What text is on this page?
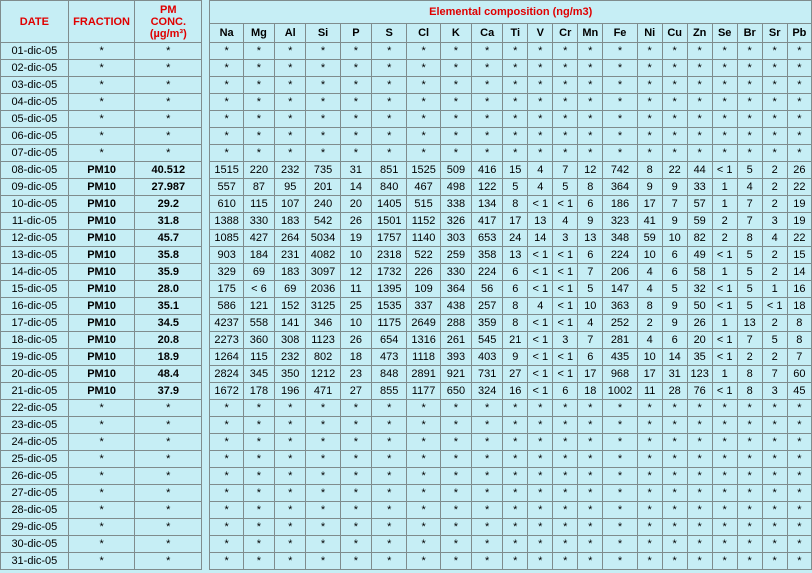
DATE	FRACTION	PM
CONC.
(µg/m³)		Elemental composition (ng/m3)																				
				Na	Mg	Al	Si	P	S	Cl	K	Ca	Ti	V	Cr	Mn	Fe	Ni	Cu	Zn	Se	Br	Sr	Pb
01-dic-05	*	*		*	*	*	*	*	*	*	*	*	*	*	*	*	*	*	*	*	*	*	*	*
02-dic-05	*	*		*	*	*	*	*	*	*	*	*	*	*	*	*	*	*	*	*	*	*	*	*
03-dic-05	*	*		*	*	*	*	*	*	*	*	*	*	*	*	*	*	*	*	*	*	*	*	*
04-dic-05	*	*		*	*	*	*	*	*	*	*	*	*	*	*	*	*	*	*	*	*	*	*	*
05-dic-05	*	*		*	*	*	*	*	*	*	*	*	*	*	*	*	*	*	*	*	*	*	*	*
06-dic-05	*	*		*	*	*	*	*	*	*	*	*	*	*	*	*	*	*	*	*	*	*	*	*
07-dic-05	*	*		*	*	*	*	*	*	*	*	*	*	*	*	*	*	*	*	*	*	*	*	*
08-dic-05	PM10	40.512		1515	220	232	735	31	851	1525	509	416	15	4	7	12	742	8	22	44	< 1	5	2	26
09-dic-05	PM10	27.987		557	87	95	201	14	840	467	498	122	5	4	5	8	364	9	9	33	1	4	2	22
10-dic-05	PM10	29.2		610	115	107	240	20	1405	515	338	134	8	< 1	< 1	6	186	17	7	57	1	7	2	19
11-dic-05	PM10	31.8		1388	330	183	542	26	1501	1152	326	417	17	13	4	9	323	41	9	59	2	7	3	19
12-dic-05	PM10	45.7		1085	427	264	5034	19	1757	1140	303	653	24	14	3	13	348	59	10	82	2	8	4	22
13-dic-05	PM10	35.8		903	184	231	4082	10	2318	522	259	358	13	< 1	< 1	6	224	10	6	49	< 1	5	2	15
14-dic-05	PM10	35.9		329	69	183	3097	12	1732	226	330	224	6	< 1	< 1	7	206	4	6	58	1	5	2	14
15-dic-05	PM10	28.0		175	< 6	69	2036	11	1395	109	364	56	6	< 1	< 1	5	147	4	5	32	< 1	5	1	16
16-dic-05	PM10	35.1		586	121	152	3125	25	1535	337	438	257	8	4	< 1	10	363	8	9	50	< 1	5	< 1	18
17-dic-05	PM10	34.5		4237	558	141	346	10	1175	2649	288	359	8	< 1	< 1	4	252	2	9	26	1	13	2	8
18-dic-05	PM10	20.8		2273	360	308	1123	26	654	1316	261	545	21	< 1	3	7	281	4	6	20	< 1	7	5	8
19-dic-05	PM10	18.9		1264	115	232	802	18	473	1118	393	403	9	< 1	< 1	6	435	10	14	35	< 1	2	2	7
20-dic-05	PM10	48.4		2824	345	350	1212	23	848	2891	921	731	27	< 1	< 1	17	968	17	31	123	1	8	7	60
21-dic-05	PM10	37.9		1672	178	196	471	27	855	1177	650	324	16	< 1	6	18	1002	11	28	76	< 1	8	3	45
22-dic-05	*	*		*	*	*	*	*	*	*	*	*	*	*	*	*	*	*	*	*	*	*	*	*
23-dic-05	*	*		*	*	*	*	*	*	*	*	*	*	*	*	*	*	*	*	*	*	*	*	*
24-dic-05	*	*		*	*	*	*	*	*	*	*	*	*	*	*	*	*	*	*	*	*	*	*	*
25-dic-05	*	*		*	*	*	*	*	*	*	*	*	*	*	*	*	*	*	*	*	*	*	*	*
26-dic-05	*	*		*	*	*	*	*	*	*	*	*	*	*	*	*	*	*	*	*	*	*	*	*
27-dic-05	*	*		*	*	*	*	*	*	*	*	*	*	*	*	*	*	*	*	*	*	*	*	*
28-dic-05	*	*		*	*	*	*	*	*	*	*	*	*	*	*	*	*	*	*	*	*	*	*	*
29-dic-05	*	*		*	*	*	*	*	*	*	*	*	*	*	*	*	*	*	*	*	*	*	*	*
30-dic-05	*	*		*	*	*	*	*	*	*	*	*	*	*	*	*	*	*	*	*	*	*	*	*
31-dic-05	*	*		*	*	*	*	*	*	*	*	*	*	*	*	*	*	*	*	*	*	*	*	*
